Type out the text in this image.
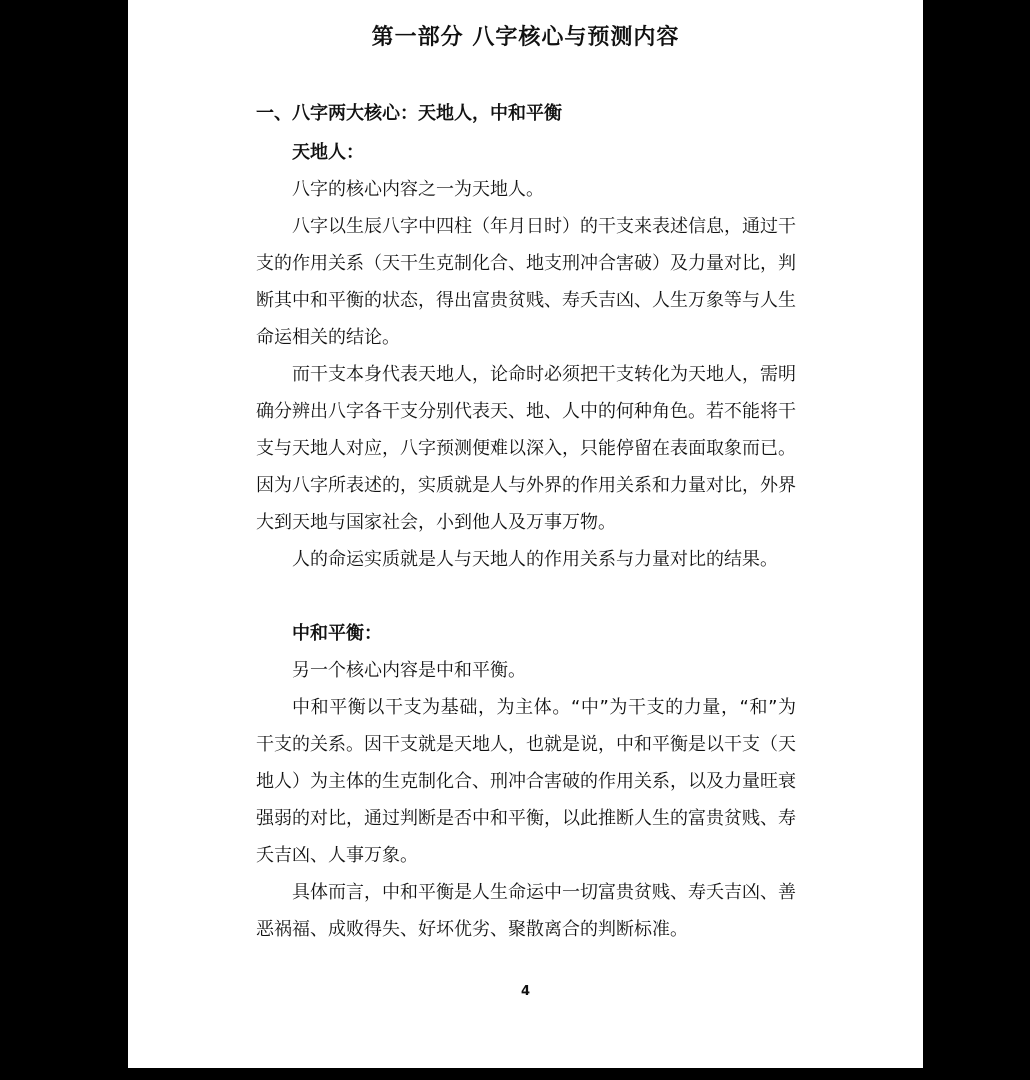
第一部分 八字核心与预测内容
一、八字两大核心：天地人，中和平衡
天地人：

八字的核心内容之一为天地人。

八字以生辰八字中四柱（年月日时）的干支来表述信息，通过干支的作用关系（天干生克制化合、地支刑冲合害破）及力量对比，判断其中和平衡的状态，得出富贵贫贱、寿夭吉凶、人生万象等与人生命运相关的结论。

而干支本身代表天地人，论命时必须把干支转化为天地人，需明确分辨出八字各干支分别代表天、地、人中的何种角色。若不能将干支与天地人对应，八字预测便难以深入，只能停留在表面取象而已。因为八字所表述的，实质就是人与外界的作用关系和力量对比，外界大到天地与国家社会，小到他人及万事万物。

人的命运实质就是人与天地人的作用关系与力量对比的结果。

中和平衡：

另一个核心内容是中和平衡。

中和平衡以干支为基础，为主体。“中”为干支的力量，“和”为干支的关系。因干支就是天地人，也就是说，中和平衡是以干支（天地人）为主体的生克制化合、刑冲合害破的作用关系，以及力量旺衰强弱的对比，通过判断是否中和平衡，以此推断人生的富贵贫贱、寿夭吉凶、人事万象。

具体而言，中和平衡是人生命运中一切富贵贫贱、寿夭吉凶、善恶祸福、成败得失、好坏优劣、聚散离合的判断标准。

4
